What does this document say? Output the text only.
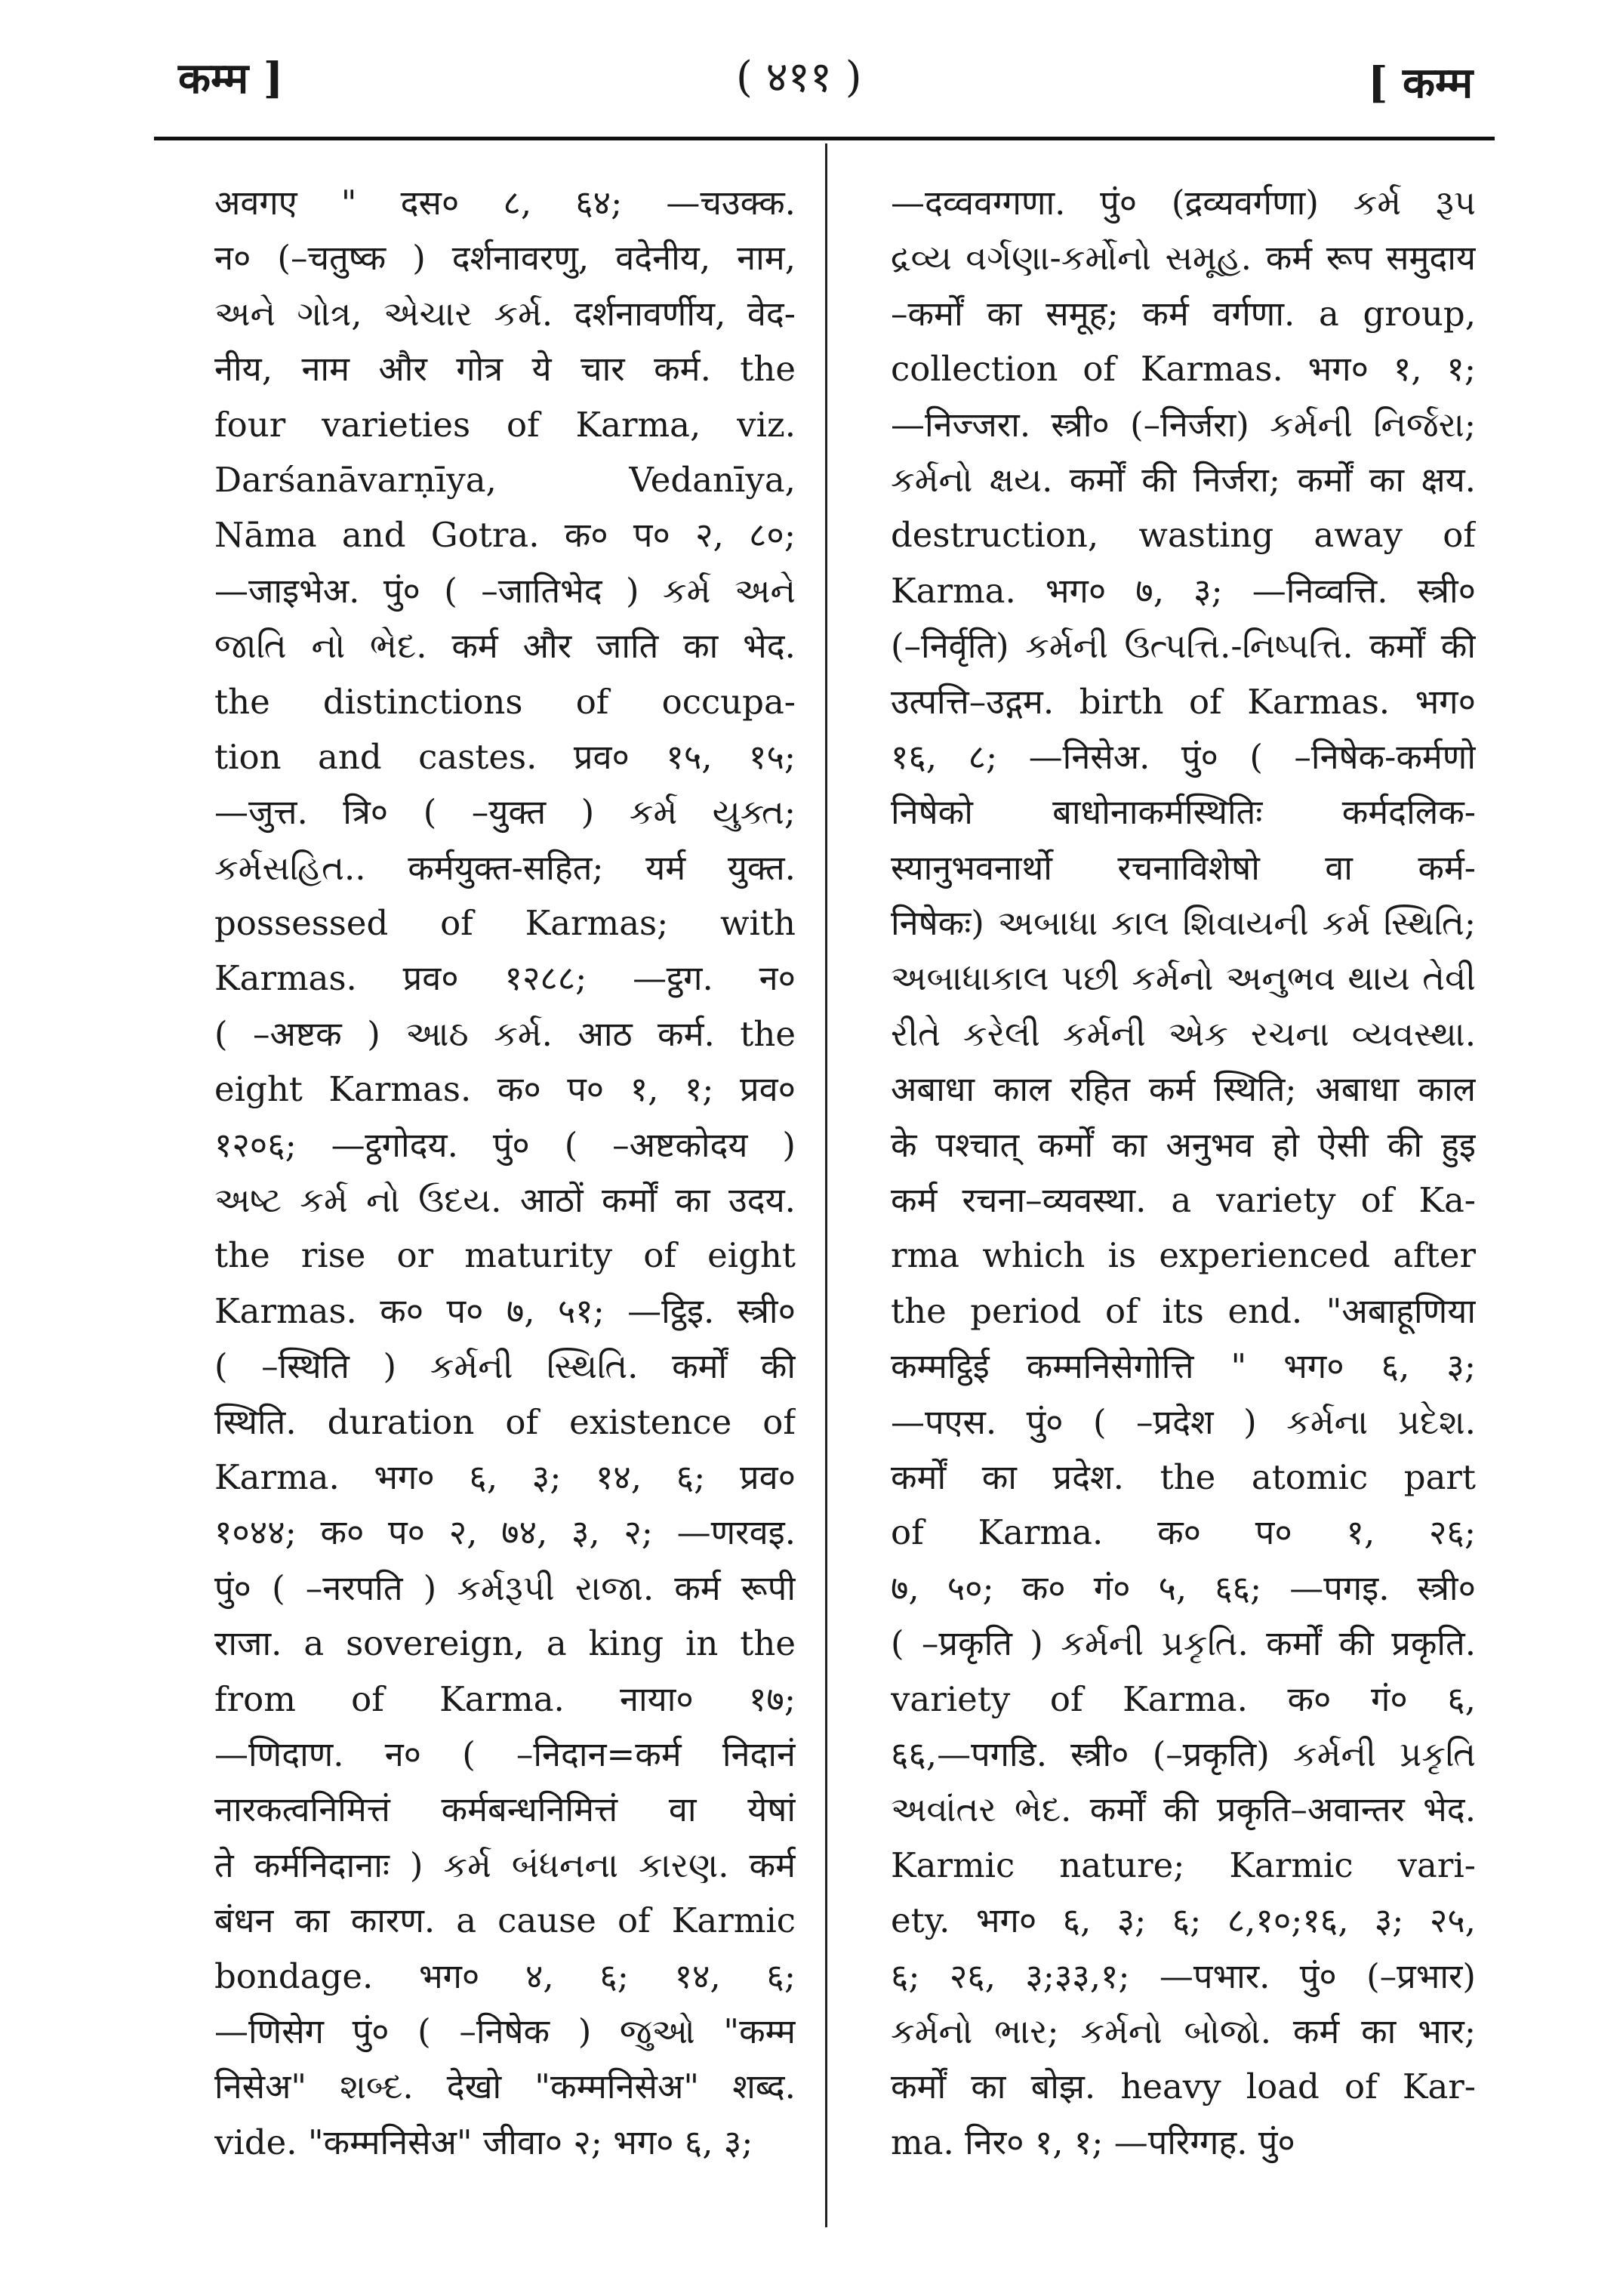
कम्म ]	( ४११ )	[ कम्म
अवगए " दस० ८, ६४; —चउक्क.
न० (–चतुष्क ) दर्शनावरणु, वदेनीय, नाम,
અને ગોત્ર, એચાર કર્મ. दर्शनावर्णीय, वेद-
नीय, नाम और गोत्र ये चार कर्म. the
four varieties of Karma, viz.
Darśanāvarṇīya, Vedanīya,
Nāma and Gotra. क० प० २, ८०;
—जाइभेअ. पुं० ( –जातिभेद ) કર્મ અને
જાતિ નો ભેદ. कर्म और जाति का भेद.
the distinctions of occupa-
tion and castes. प्रव० १५, १५;
—जुत्त. त्रि० ( –युक्त ) કર્મ યુક્ત;
કર્મસહિત.. कर्मयुक्त-सहित; यर्म युक्त.
possessed of Karmas; with
Karmas. प्रव० १२८८; —ट्ठग. न०
( –अष्टक ) આઠ કર્મ. आठ कर्म. the
eight Karmas. क० प० १, १; प्रव०
१२०६; —ट्ठगोदय. पुं० ( –अष्टकोदय )
અષ્ટ કર્મ નો ઉદય. आठों कर्मों का उदय.
the rise or maturity of eight
Karmas. क० प० ७, ५१; —ट्ठिइ. स्त्री०
( –स्थिति ) કર્મની સ્થિતિ. कर्मों की
स्थिति. duration of existence of
Karma. भग० ६, ३; १४, ६; प्रव०
१०४४; क० प० २, ७४, ३, २; —णरवइ.
पुं० ( –नरपति ) કર્મરૂપી રાજા. कर्म रूपी
राजा. a sovereign, a king in the
from of Karma. नाया० १७;
—णिदाण. न० ( –निदान=कर्म निदानं
नारकत्वनिमित्तं कर्मबन्धनिमित्तं वा येषां
ते कर्मनिदानाः ) કર્મ બંધનના કારણ. कर्म
बंधन का कारण. a cause of Karmic
bondage. भग० ४, ६; १४, ६;
—णिसेग पुं० ( –निषेक ) જુઓ "कम्म
निसेअ" શબ્દ. देखो "कम्मनिसेअ" शब्द.
vide. "कम्मनिसेअ" जीवा० २; भग० ६, ३;
—दव्ववग्गणा. पुं० (द्रव्यवर्गणा) કર્મ રૂપ
દ્રવ્ય વર્ગણા-કર્મોનો સમૂહ. कर्म रूप समुदाय
–कर्मों का समूह; कर्म वर्गणा. a group,
collection of Karmas. भग० १, १;
—निज्जरा. स्त्री० (–निर्जरा) કર્મની નિર્જરા;
કર્મનો ક્ષય. कर्मों की निर्जरा; कर्मों का क्षय.
destruction, wasting away of
Karma. भग० ७, ३; —निव्वत्ति. स्त्री०
(–निर्वृति) કર્મની ઉત્પત્તિ.-નિષ્પત્તિ. कर्मों की
उत्पत्ति–उद्गम. birth of Karmas. भग०
१६, ८; —निसेअ. पुं० ( –निषेक-कर्मणो
निषेको बाधोनाकर्मस्थितिः कर्मदलिक-
स्यानुभवनार्थो रचनाविशेषो वा कर्म-
निषेकः) અબાધા કાલ શિવાયની કર્મ સ્થિતિ;
અબાધાકાલ પછી કર્મનો અનુભવ થાય તેવી
રીતે કરેલી કર્મની એક રચના વ્યવસ્થા.
अबाधा काल रहित कर्म स्थिति; अबाधा काल
के पश्चात् कर्मों का अनुभव हो ऐसी की हुइ
कर्म रचना–व्यवस्था. a variety of Ka-
rma which is experienced after
the period of its end. "अबाहूणिया
कम्मट्ठिई कम्मनिसेगोत्ति " भग० ६, ३;
—पएस. पुं० ( –प्रदेश ) કર્મના પ્રદેશ.
कर्मों का प्रदेश. the atomic part
of Karma. क० प० १, २६;
७, ५०; क० गं० ५, ६६; —पगइ. स्त्री०
( –प्रकृति ) કર્મની પ્રકૃતિ. कर्मों की प्रकृति.
variety of Karma. क० गं० ६,
६६,—पगडि. स्त्री० (–प्रकृति) કર્મની પ્રકૃતિ
અવાંતર ભેદ. कर्मों की प्रकृति–अवान्तर भेद.
Karmic nature; Karmic vari-
ety. भग० ६, ३; ६; ८,१०;१६, ३; २५,
६; २६, ३;३३,१; —पभार. पुं० (–प्रभार)
કર્મનો ભાર; કર્મનો બોજો. कर्म का भार;
कर्मों का बोझ. heavy load of Kar-
ma. निर० १, १; —परिग्गह. पुं०
